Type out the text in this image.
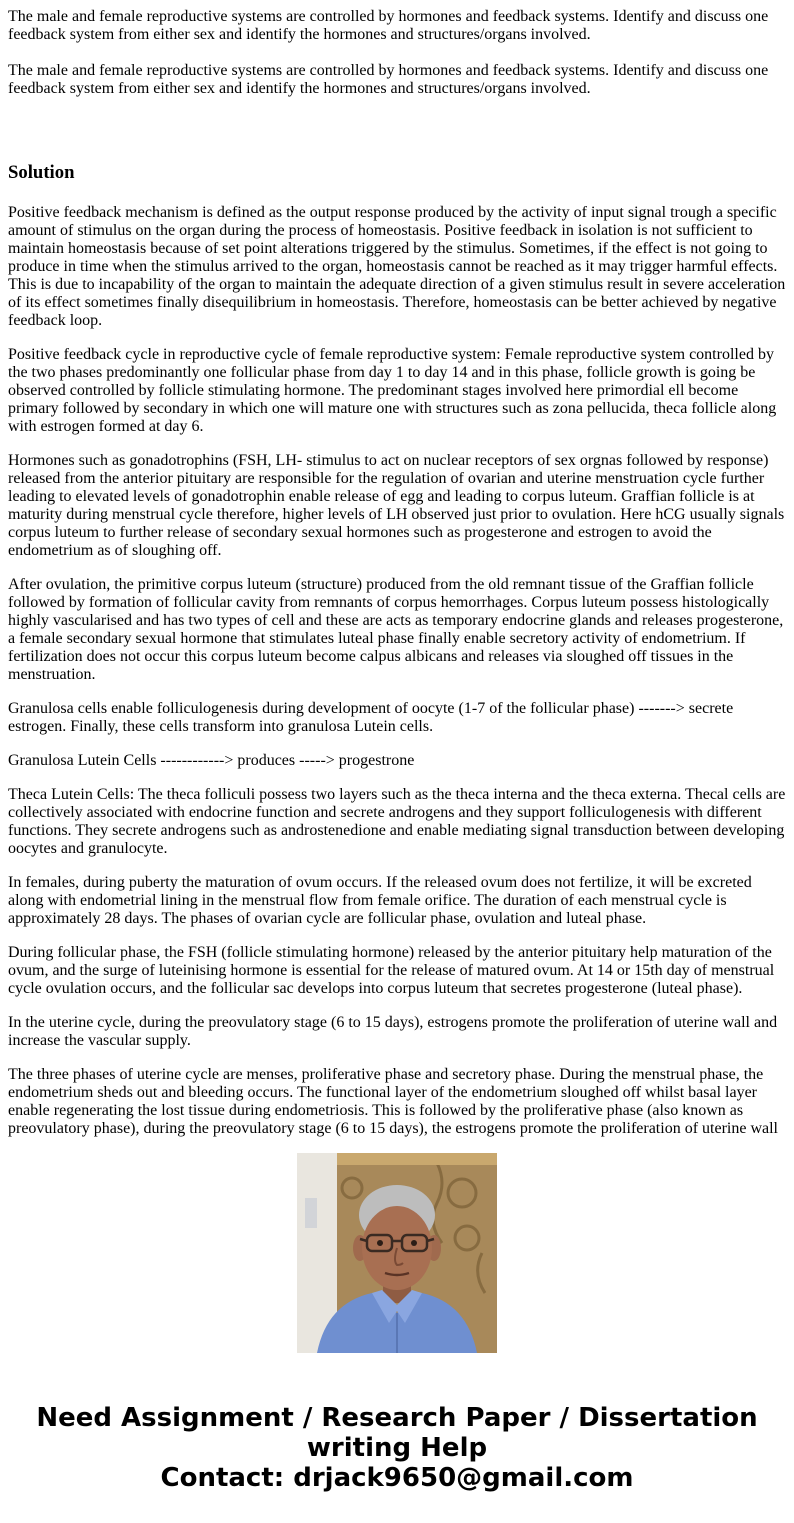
The male and female reproductive systems are controlled by hormones and feedback systems. Identify and discuss one feedback system from either sex and identify the hormones and structures/organs involved.

The male and female reproductive systems are controlled by hormones and feedback systems. Identify and discuss one feedback system from either sex and identify the hormones and structures/organs involved.

Solution

Positive feedback mechanism is defined as the output response produced by the activity of input signal trough a specific amount of stimulus on the organ during the process of homeostasis. Positive feedback in isolation is not sufficient to maintain homeostasis because of set point alterations triggered by the stimulus. Sometimes, if the effect is not going to produce in time when the stimulus arrived to the organ, homeostasis cannot be reached as it may trigger harmful effects. This is due to incapability of the organ to maintain the adequate direction of a given stimulus result in severe acceleration of its effect sometimes finally disequilibrium in homeostasis. Therefore, homeostasis can be better achieved by negative feedback loop.

Positive feedback cycle in reproductive cycle of female reproductive system: Female reproductive system controlled by the two phases predominantly one follicular phase from day 1 to day 14 and in this phase, follicle growth is going be observed controlled by follicle stimulating hormone. The predominant stages involved here primordial ell become primary followed by secondary in which one will mature one with structures such as zona pellucida, theca follicle along with estrogen formed at day 6.

Hormones such as gonadotrophins (FSH, LH- stimulus to act on nuclear receptors of sex orgnas followed by response) released from the anterior pituitary are responsible for the regulation of ovarian and uterine menstruation cycle further leading to elevated levels of gonadotrophin enable release of egg and leading to corpus luteum. Graffian follicle is at maturity during menstrual cycle therefore, higher levels of LH observed just prior to ovulation. Here hCG usually signals corpus luteum to further release of secondary sexual hormones such as progesterone and estrogen to avoid the endometrium as of sloughing off.

After ovulation, the primitive corpus luteum (structure) produced from the old remnant tissue of the Graffian follicle followed by formation of follicular cavity from remnants of corpus hemorrhages. Corpus luteum possess histologically highly vascularised and has two types of cell and these are acts as temporary endocrine glands and releases progesterone, a female secondary sexual hormone that stimulates luteal phase finally enable secretory activity of endometrium. If fertilization does not occur this corpus luteum become calpus albicans and releases via sloughed off tissues in the menstruation.

Granulosa cells enable folliculogenesis during development of oocyte (1-7 of the follicular phase) -------> secrete estrogen. Finally, these cells transform into granulosa Lutein cells.

Granulosa Lutein Cells ------------> produces -----> progestrone

Theca Lutein Cells: The theca folliculi possess two layers such as the theca interna and the theca externa. Thecal cells are collectively associated with endocrine function and secrete androgens and they support folliculogenesis with different functions. They secrete androgens such as androstenedione and enable mediating signal transduction between developing oocytes and granulocyte.

In females, during puberty the maturation of ovum occurs. If the released ovum does not fertilize, it will be excreted along with endometrial lining in the menstrual flow from female orifice. The duration of each menstrual cycle is approximately 28 days. The phases of ovarian cycle are follicular phase, ovulation and luteal phase.

During follicular phase, the FSH (follicle stimulating hormone) released by the anterior pituitary help maturation of the ovum, and the surge of luteinising hormone is essential for the release of matured ovum. At 14 or 15th day of menstrual cycle ovulation occurs, and the follicular sac develops into corpus luteum that secretes progesterone (luteal phase).

In the uterine cycle, during the preovulatory stage (6 to 15 days), estrogens promote the proliferation of uterine wall and increase the vascular supply.

The three phases of uterine cycle are menses, proliferative phase and secretory phase. During the menstrual phase, the endometrium sheds out and bleeding occurs. The functional layer of the endometrium sloughed off whilst basal layer enable regenerating the lost tissue during endometriosis. This is followed by the proliferative phase (also known as preovulatory phase), during the preovulatory stage (6 to 15 days), the estrogens promote the proliferation of uterine wall

Need Assignment / Research Paper / Dissertation
writing Help
Contact: drjack9650@gmail.com
